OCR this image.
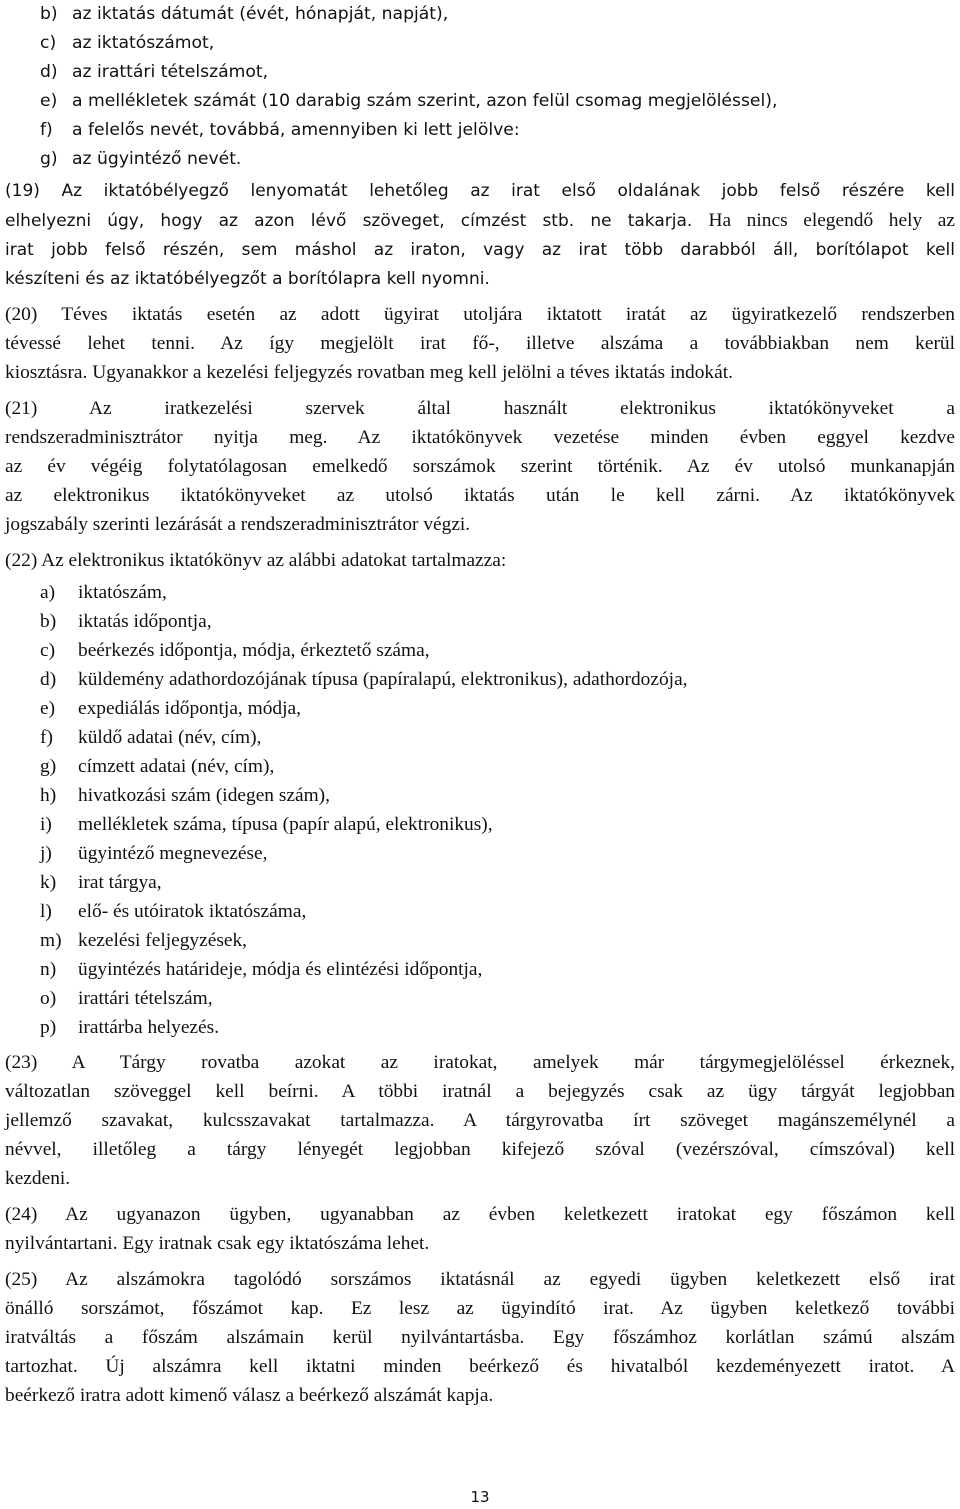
b) az iktatás dátumát (évét, hónapját, napját),
c) az iktatószámot,
d) az irattári tételszámot,
e) a mellékletek számát (10 darabig szám szerint, azon felül csomag megjelöléssel),
f) a felelős nevét, továbbá, amennyiben ki lett jelölve:
g) az ügyintéző nevét.
(19) Az iktatóbélyegző lenyomatát lehetőleg az irat első oldalának jobb felső részére kell
elhelyezni úgy, hogy az azon lévő szöveget, címzést stb. ne takarja. Ha nincs elegendő hely az
irat jobb felső részén, sem máshol az iraton, vagy az irat több darabból áll, borítólapot kell
készíteni és az iktatóbélyegzőt a borítólapra kell nyomni.
(20) Téves iktatás esetén az adott ügyirat utoljára iktatott iratát az ügyiratkezelő rendszerben
tévessé lehet tenni. Az így megjelölt irat fő-, illetve alszáma a továbbiakban nem kerül
kiosztásra. Ugyanakkor a kezelési feljegyzés rovatban meg kell jelölni a téves iktatás indokát.
(21) Az iratkezelési szervek által használt elektronikus iktatókönyveket a
rendszeradminisztrátor nyitja meg. Az iktatókönyvek vezetése minden évben eggyel kezdve
az év végéig folytatólagosan emelkedő sorszámok szerint történik. Az év utolsó munkanapján
az elektronikus iktatókönyveket az utolsó iktatás után le kell zárni. Az iktatókönyvek
jogszabály szerinti lezárását a rendszeradminisztrátor végzi.
(22) Az elektronikus iktatókönyv az alábbi adatokat tartalmazza:
a) iktatószám,
b) iktatás időpontja,
c) beérkezés időpontja, módja, érkeztető száma,
d) küldemény adathordozójának típusa (papíralapú, elektronikus), adathordozója,
e) expediálás időpontja, módja,
f) küldő adatai (név, cím),
g) címzett adatai (név, cím),
h) hivatkozási szám (idegen szám),
i) mellékletek száma, típusa (papír alapú, elektronikus),
j) ügyintéző megnevezése,
k) irat tárgya,
l) elő- és utóiratok iktatószáma,
m) kezelési feljegyzések,
n) ügyintézés határideje, módja és elintézési időpontja,
o) irattári tételszám,
p) irattárba helyezés.
(23) A Tárgy rovatba azokat az iratokat, amelyek már tárgymegjelöléssel érkeznek,
változatlan szöveggel kell beírni. A többi iratnál a bejegyzés csak az ügy tárgyát legjobban
jellemző szavakat, kulcsszavakat tartalmazza. A tárgyrovatba írt szöveget magánszemélynél a
névvel, illetőleg a tárgy lényegét legjobban kifejező szóval (vezérszóval, címszóval) kell
kezdeni.
(24) Az ugyanazon ügyben, ugyanabban az évben keletkezett iratokat egy főszámon kell
nyilvántartani. Egy iratnak csak egy iktatószáma lehet.
(25) Az alszámokra tagolódó sorszámos iktatásnál az egyedi ügyben keletkezett első irat
önálló sorszámot, főszámot kap. Ez lesz az ügyindító irat. Az ügyben keletkező további
iratváltás a főszám alszámain kerül nyilvántartásba. Egy főszámhoz korlátlan számú alszám
tartozhat. Új alszámra kell iktatni minden beérkező és hivatalból kezdeményezett iratot. A
beérkező iratra adott kimenő válasz a beérkező alszámát kapja.
13
